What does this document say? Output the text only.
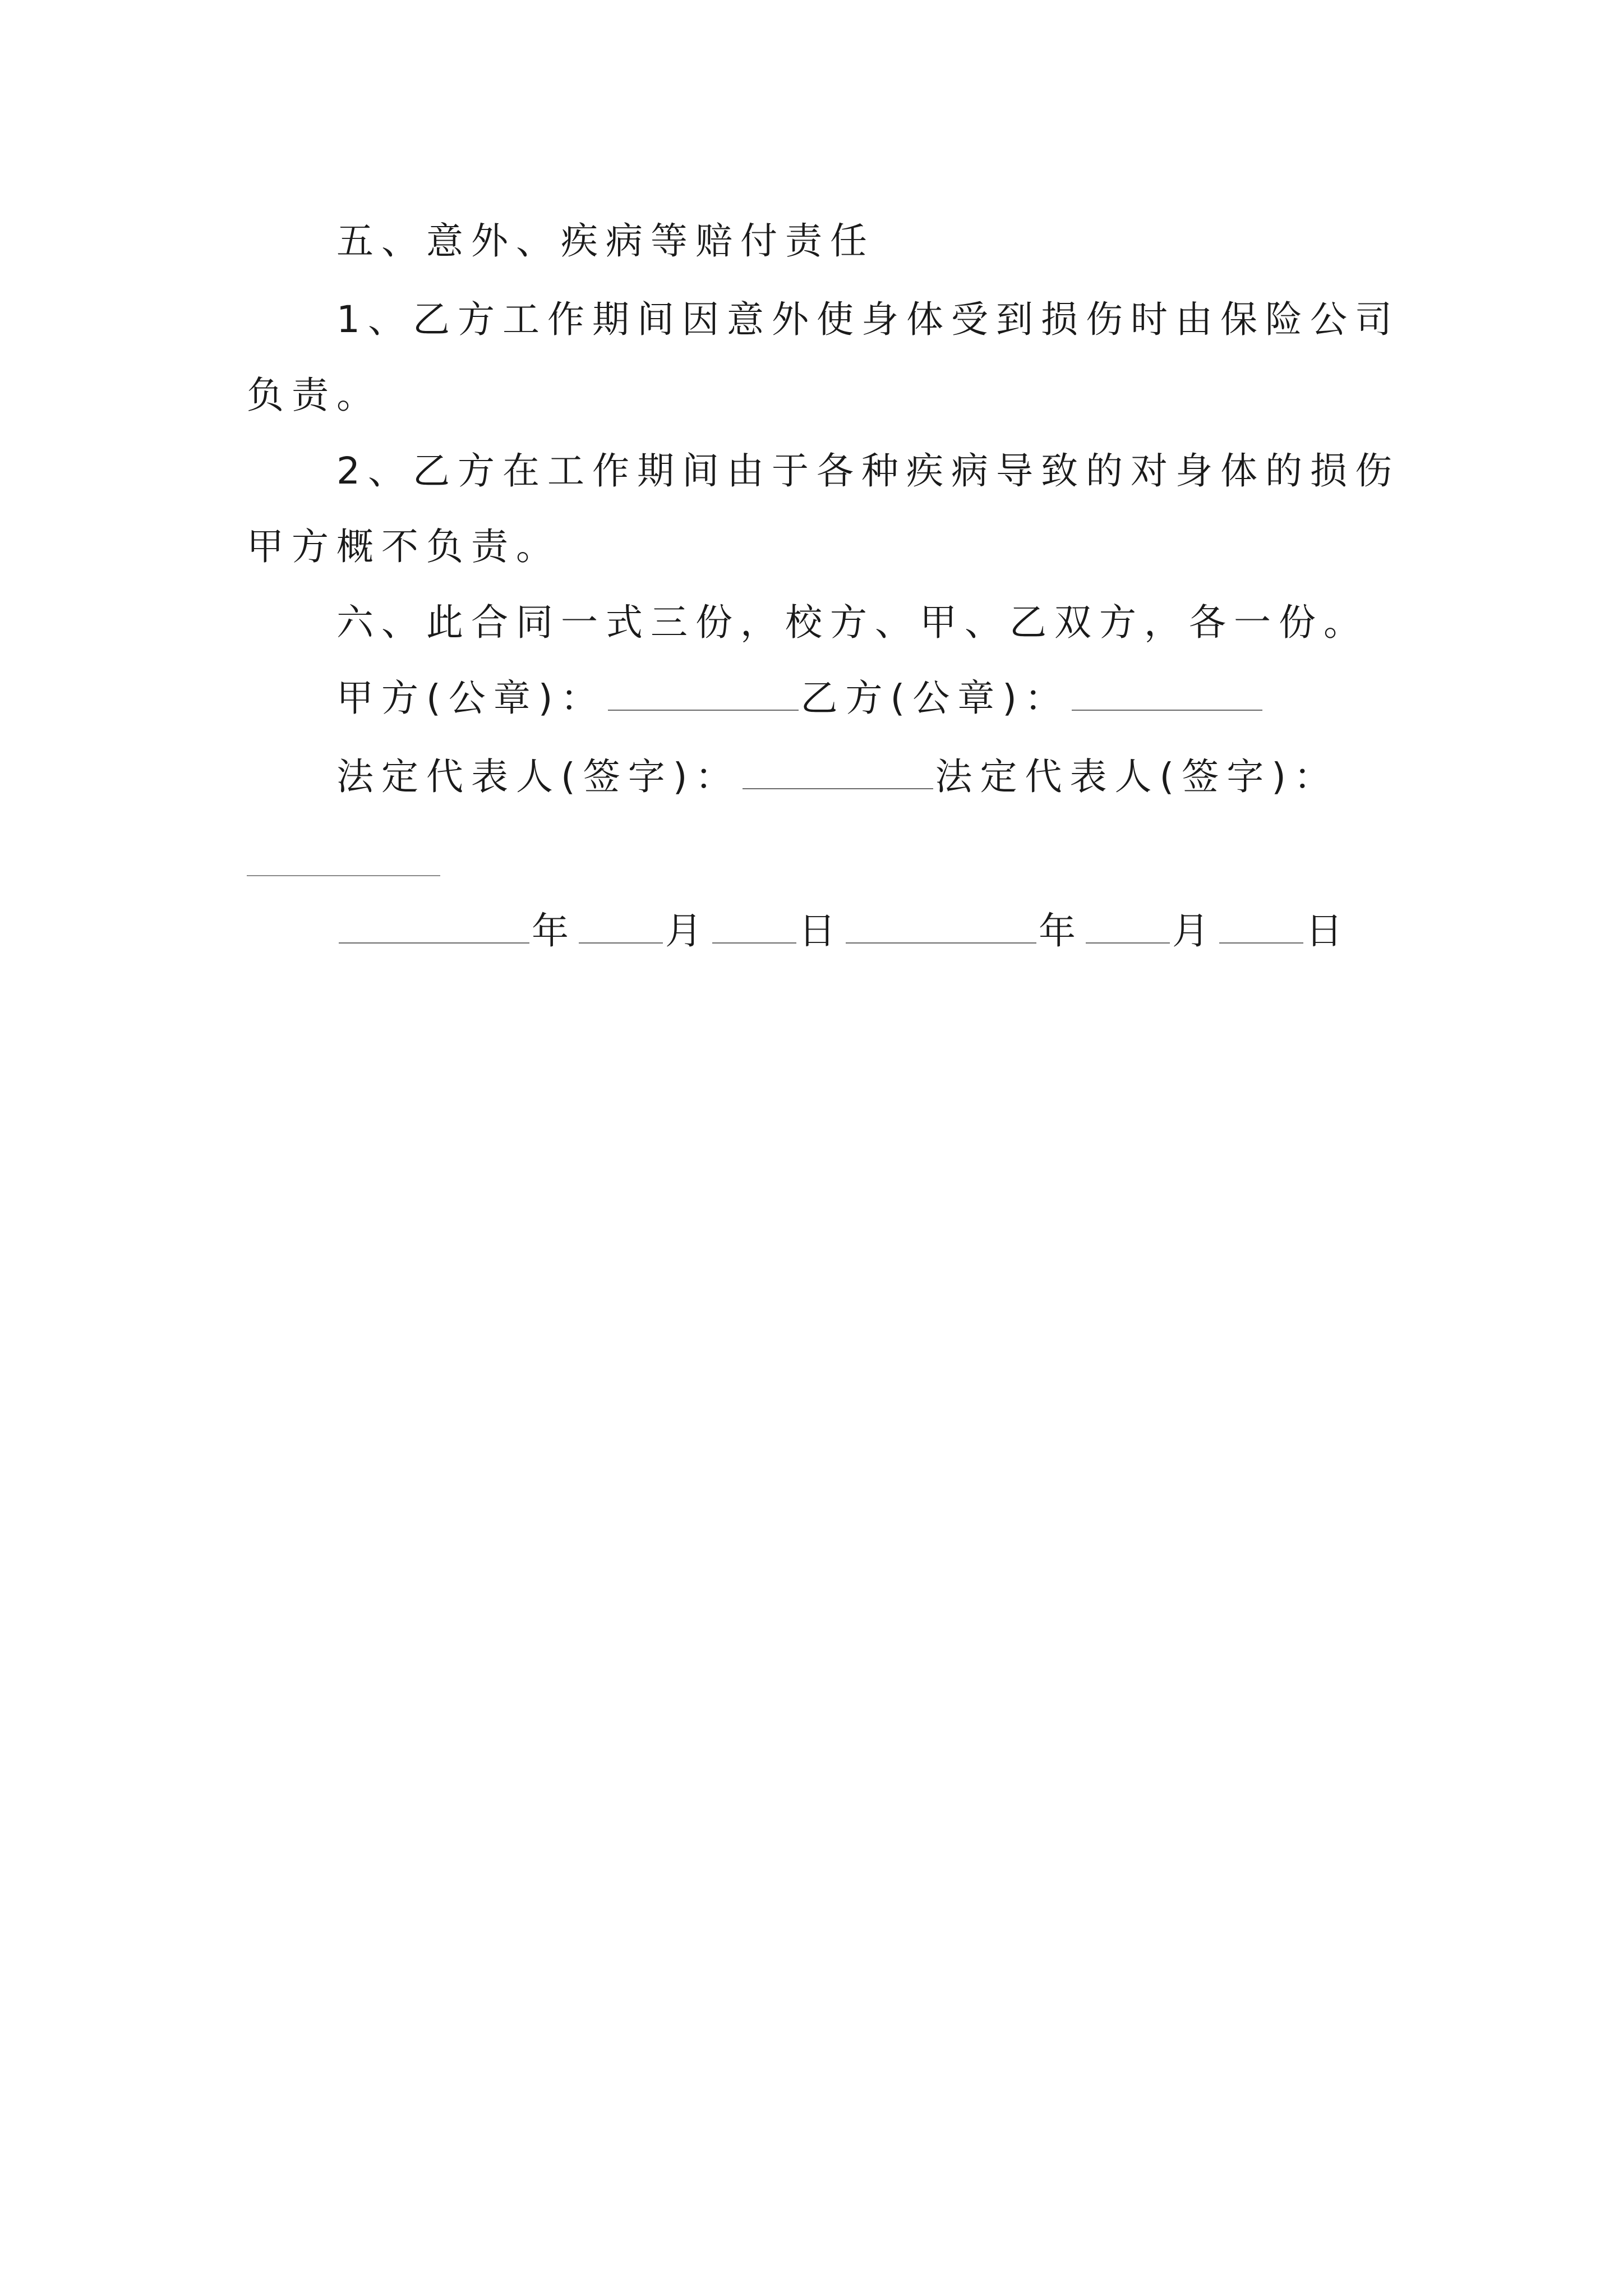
五、意外、疾病等赔付责任
1、乙方工作期间因意外使身体受到损伤时由保险公司
负责。
2、乙方在工作期间由于各种疾病导致的对身体的损伤
甲方概不负责。
六、此合同一式三份，校方、甲、乙双方，各一份。
甲方(公章)：	乙方(公章)：
法定代表人(签字)：	法定代表人(签字)：
年 月 日	年 月 日
